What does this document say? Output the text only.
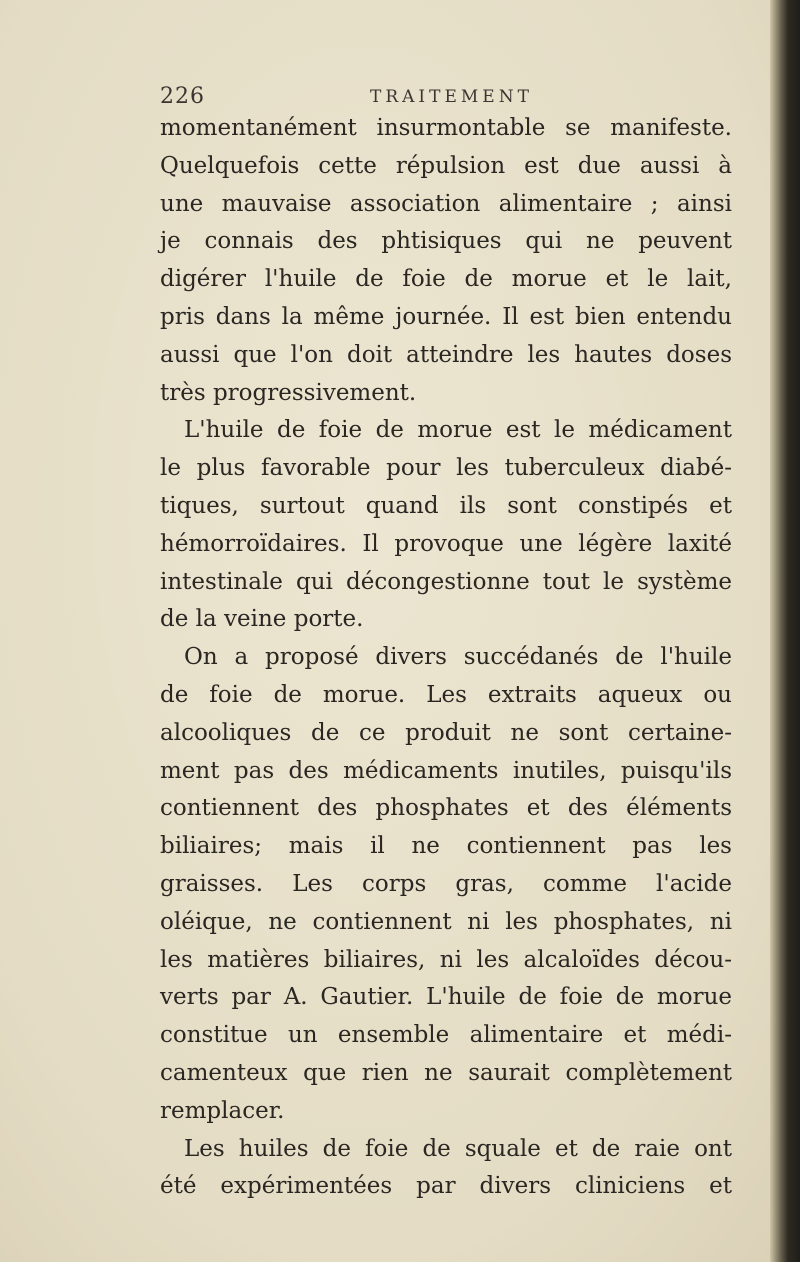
226	TRAITEMENT
momentanément insurmontable se manifeste.
Quelquefois cette répulsion est due aussi à
une mauvaise association alimentaire ; ainsi
je connais des phtisiques qui ne peuvent
digérer l'huile de foie de morue et le lait,
pris dans la même journée. Il est bien entendu
aussi que l'on doit atteindre les hautes doses
très progressivement.
L'huile de foie de morue est le médicament
le plus favorable pour les tuberculeux diabé-
tiques, surtout quand ils sont constipés et
hémorroïdaires. Il provoque une légère laxité
intestinale qui décongestionne tout le système
de la veine porte.
On a proposé divers succédanés de l'huile
de foie de morue. Les extraits aqueux ou
alcooliques de ce produit ne sont certaine-
ment pas des médicaments inutiles, puisqu'ils
contiennent des phosphates et des éléments
biliaires; mais il ne contiennent pas les
graisses. Les corps gras, comme l'acide
oléique, ne contiennent ni les phosphates, ni
les matières biliaires, ni les alcaloïdes décou-
verts par A. Gautier. L'huile de foie de morue
constitue un ensemble alimentaire et médi-
camenteux que rien ne saurait complètement
remplacer.
Les huiles de foie de squale et de raie ont
été expérimentées par divers cliniciens et
